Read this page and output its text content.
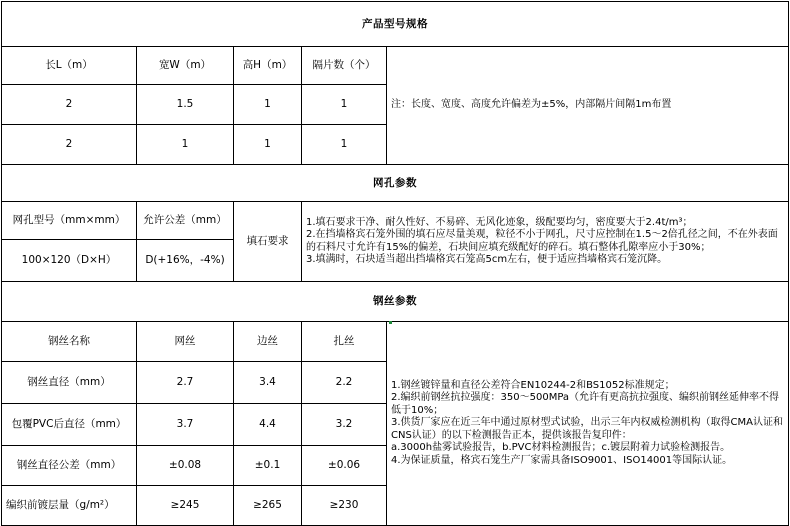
产品型号规格				
长L（m）	宽W（m）	高H（m）	隔片数（个）	注：长度、宽度、高度允许偏差为±5%，内部隔片间隔1m布置
2	1.5	1	1	
2	1	1	1	
网孔参数				
网孔型号（mm×mm）	允许公差（mm）	填石要求	1.填石要求干净、耐久性好、不易碎、无风化迹象，级配要均匀，密度要大于2.4t/m³；
2.在挡墙格宾石笼外围的填石应尽量美观，粒径不小于网孔，尺寸应控制在1.5～2倍孔径之间，不在外表面的石料尺寸允许有15%的偏差，石块间应填充级配好的碎石。填石整体孔隙率应小于30%；
3.填满时，石块适当超出挡墙格宾石笼高5cm左右，便于适应挡墙格宾石笼沉降。	

100×120（D×H）	D(+16%，-4%)			
钢丝参数				
钢丝名称	网丝	边丝	扎丝	1.钢丝镀锌量和直径公差符合EN10244-2和BS1052标准规定；
2.编织前钢丝抗拉强度：350～500MPa（允许有更高抗拉强度、编织前钢丝延伸率不得低于10%；
3.供货厂家应在近三年中通过原材型式试验，出示三年内权威检测机构（取得CMA认证和CNS认证）的以下检测报告正本，提供该报告复印件：
a.3000h盐雾试验报告，b.PVC材料检测报告；c.镀层附着力试验检测报告。
4.为保证质量，格宾石笼生产厂家需具备ISO9001、ISO14001等国际认证。

钢丝直径（mm）	2.7	3.4	2.2	
包覆PVC后直径（mm）	3.7	4.4	3.2	
钢丝直径公差（mm）	±0.08	±0.1	±0.06	
编织前镀层量（g/m²）	≥245	≥265	≥230	
